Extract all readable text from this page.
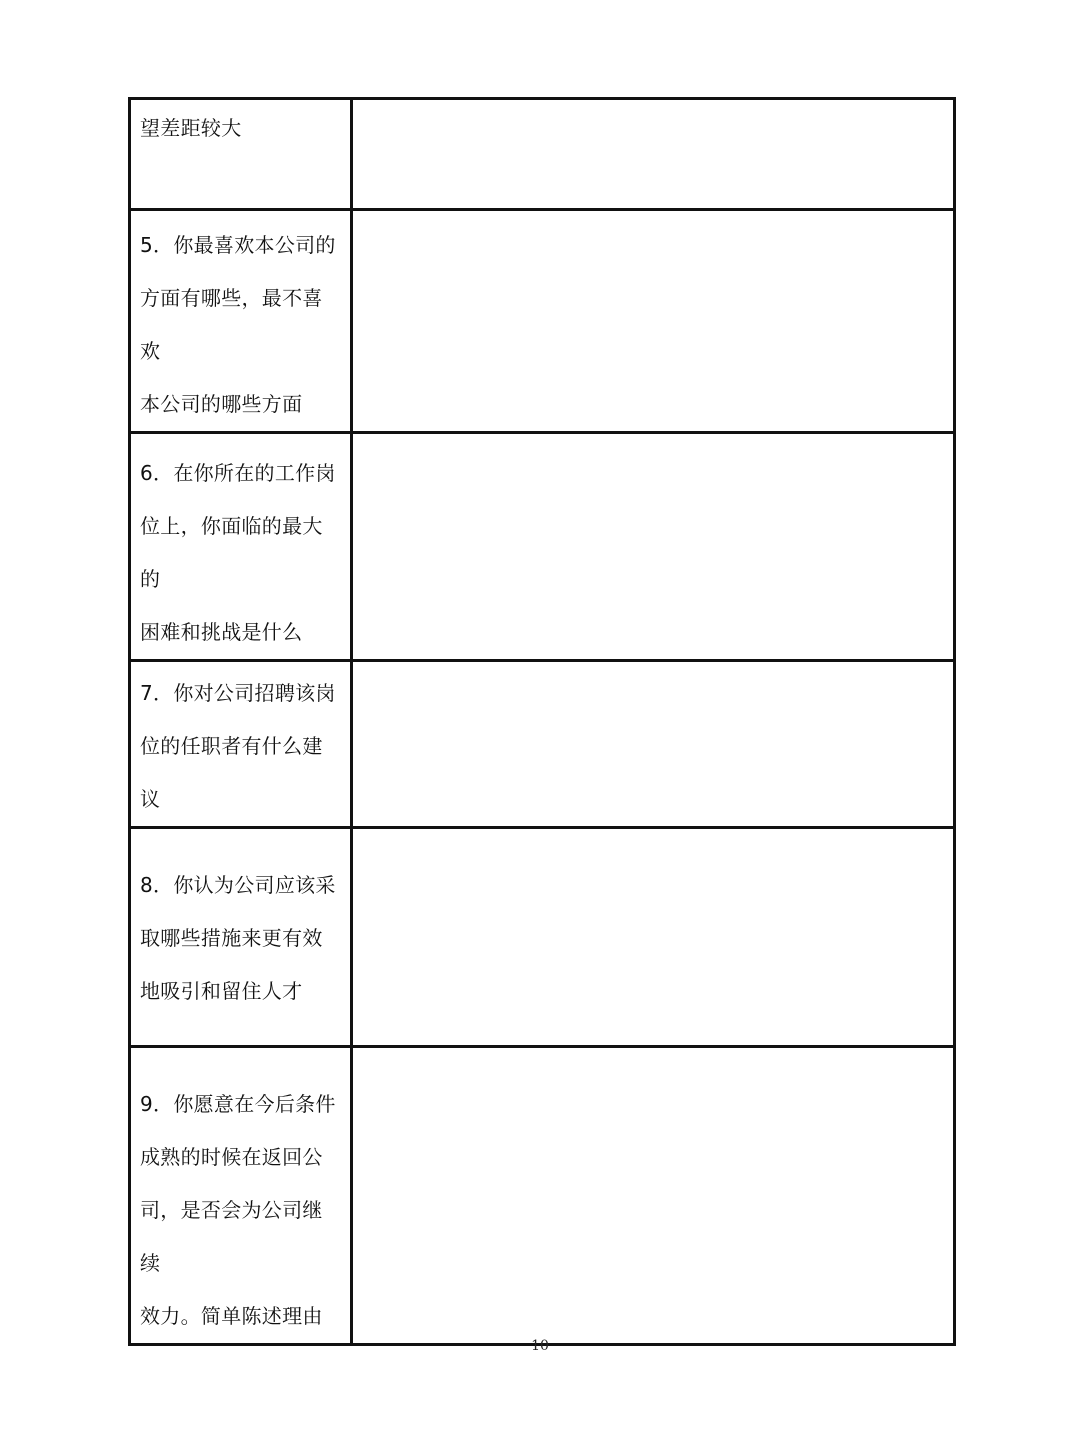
望差距较大	

5．你最喜欢本公司的
方面有哪些，最不喜欢
本公司的哪些方面	

6．在你所在的工作岗
位上，你面临的最大的
困难和挑战是什么	

7．你对公司招聘该岗
位的任职者有什么建
议	

8．你认为公司应该采
取哪些措施来更有效
地吸引和留住人才	

9．你愿意在今后条件
成熟的时候在返回公
司，是否会为公司继续
效力。简单陈述理由	

10
